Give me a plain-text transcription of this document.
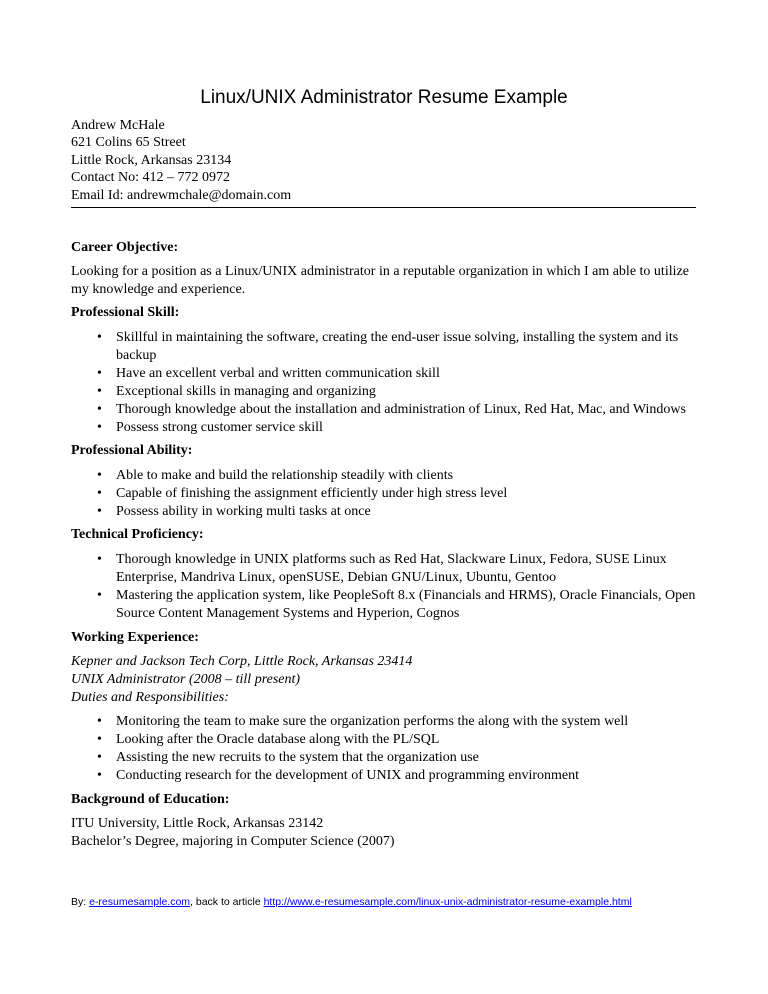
Linux/UNIX Administrator Resume Example
Andrew McHale
621 Colins 65 Street
Little Rock, Arkansas 23134
Contact No: 412 – 772 0972
Email Id: andrewmchale@domain.com

Career Objective:

Looking for a position as a Linux/UNIX administrator in a reputable organization in which I am able to utilize my knowledge and experience.

Professional Skill:

• Skillful in maintaining the software, creating the end-user issue solving, installing the system and its backup
• Have an excellent verbal and written communication skill
• Exceptional skills in managing and organizing
• Thorough knowledge about the installation and administration of Linux, Red Hat, Mac, and Windows
• Possess strong customer service skill

Professional Ability:

• Able to make and build the relationship steadily with clients
• Capable of finishing the assignment efficiently under high stress level
• Possess ability in working multi tasks at once

Technical Proficiency:

• Thorough knowledge in UNIX platforms such as Red Hat, Slackware Linux, Fedora, SUSE Linux Enterprise, Mandriva Linux, openSUSE, Debian GNU/Linux, Ubuntu, Gentoo
• Mastering the application system, like PeopleSoft 8.x (Financials and HRMS), Oracle Financials, Open Source Content Management Systems and Hyperion, Cognos

Working Experience:

Kepner and Jackson Tech Corp, Little Rock, Arkansas 23414

UNIX Administrator (2008 – till present)

Duties and Responsibilities:

• Monitoring the team to make sure the organization performs the along with the system well
• Looking after the Oracle database along with the PL/SQL
• Assisting the new recruits to the system that the organization use
• Conducting research for the development of UNIX and programming environment

Background of Education:

ITU University, Little Rock, Arkansas 23142

Bachelor’s Degree, majoring in Computer Science (2007)

By: e-resumesample.com, back to article http://www.e-resumesample.com/linux-unix-administrator-resume-example.html
